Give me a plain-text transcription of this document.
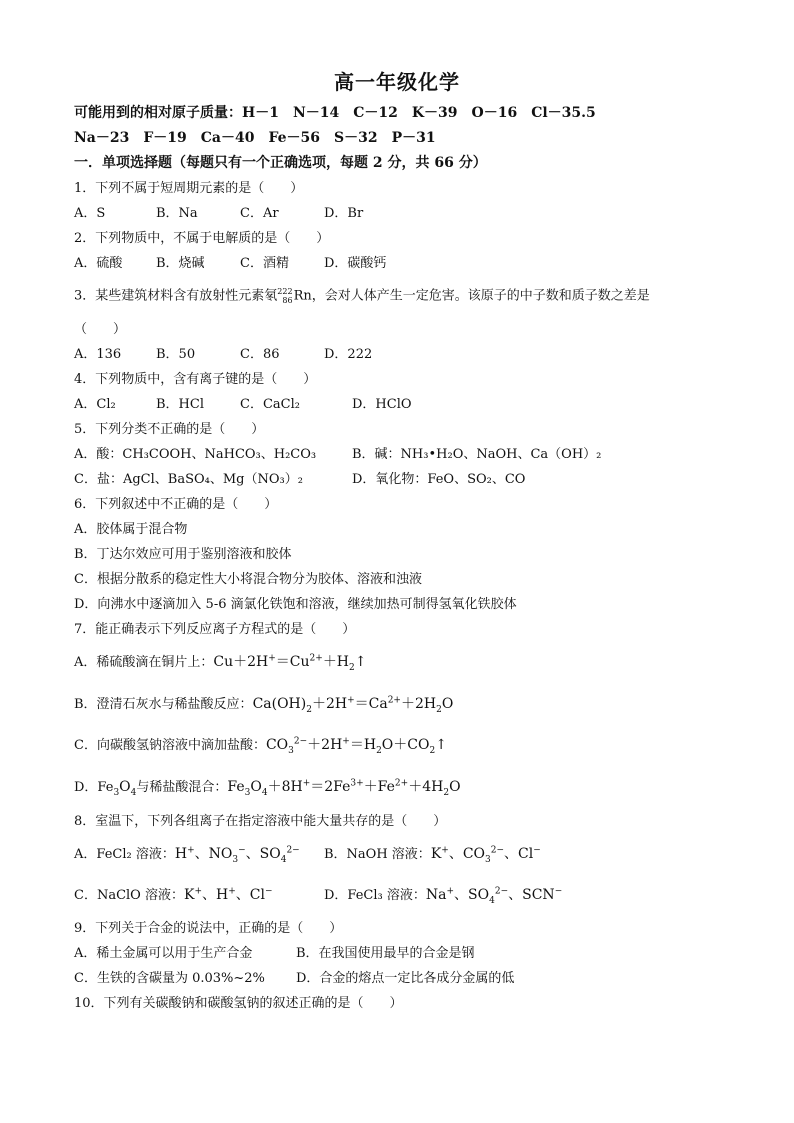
高一年级化学
可能用到的相对原子质量：H－1　N－14　C－12　K－39　O－16　Cl－35.5
Na－23　F－19　Ca－40　Fe－56　S－32　P－31
一．单项选择题（每题只有一个正确选项，每题 2 分，共 66 分）
1．下列不属于短周期元素的是（　　）
A．S	B．Na	C．Ar	D．Br
2．下列物质中，不属于电解质的是（　　）
A．硫酸	B．烧碱	C．酒精	D．碳酸钙
3．某些建筑材料含有放射性元素氡222
86Rn，会对人体产生一定危害。该原子的中子数和质子数之差是
（　　）
A．136	B．50	C．86	D．222
4．下列物质中，含有离子键的是（　　）
A．Cl₂	B．HCl	C．CaCl₂	D．HClO
5．下列分类不正确的是（　　）
A．酸：CH₃COOH、NaHCO₃、H₂CO₃	B．碱：NH₃•H₂O、NaOH、Ca（OH）₂
C．盐：AgCl、BaSO₄、Mg（NO₃）₂	D．氧化物：FeO、SO₂、CO
6．下列叙述中不正确的是（　　）
A．胶体属于混合物
B．丁达尔效应可用于鉴别溶液和胶体
C．根据分散系的稳定性大小将混合物分为胶体、溶液和浊液
D．向沸水中逐滴加入 5-6 滴氯化铁饱和溶液，继续加热可制得氢氧化铁胶体
7．能正确表示下列反应离子方程式的是（　　）
A．稀硫酸滴在铜片上：$Cu+2H^+=Cu^{2+}+H_2↑$
B．澄清石灰水与稀盐酸反应：$Ca(OH)_2+2H^+=Ca^{2+}+2H_2O$
C．向碳酸氢钠溶液中滴加盐酸：$CO_3^{2-}+2H^+=H_2O+CO_2↑$
D．$Fe_3O_4$与稀盐酸混合：$Fe_3O_4+8H^+=2Fe^{3+}+Fe^{2+}+4H_2O$
8．室温下，下列各组离子在指定溶液中能大量共存的是（　　）
A．FeCl₂ 溶液：H+、$NO_3^-$、$SO_4^{2-}$ B．NaOH 溶液：K+、$CO_3^{2-}$、Cl−
C．NaClO 溶液：K+、H+、Cl−	D．FeCl₃ 溶液：Na+、$SO_4^{2-}$、SCN−
9．下列关于合金的说法中，正确的是（　　）
A．稀土金属可以用于生产合金	B．在我国使用最早的合金是钢
C．生铁的含碳量为 0.03%~2% D．合金的熔点一定比各成分金属的低
10．下列有关碳酸钠和碳酸氢钠的叙述正确的是（　　）
